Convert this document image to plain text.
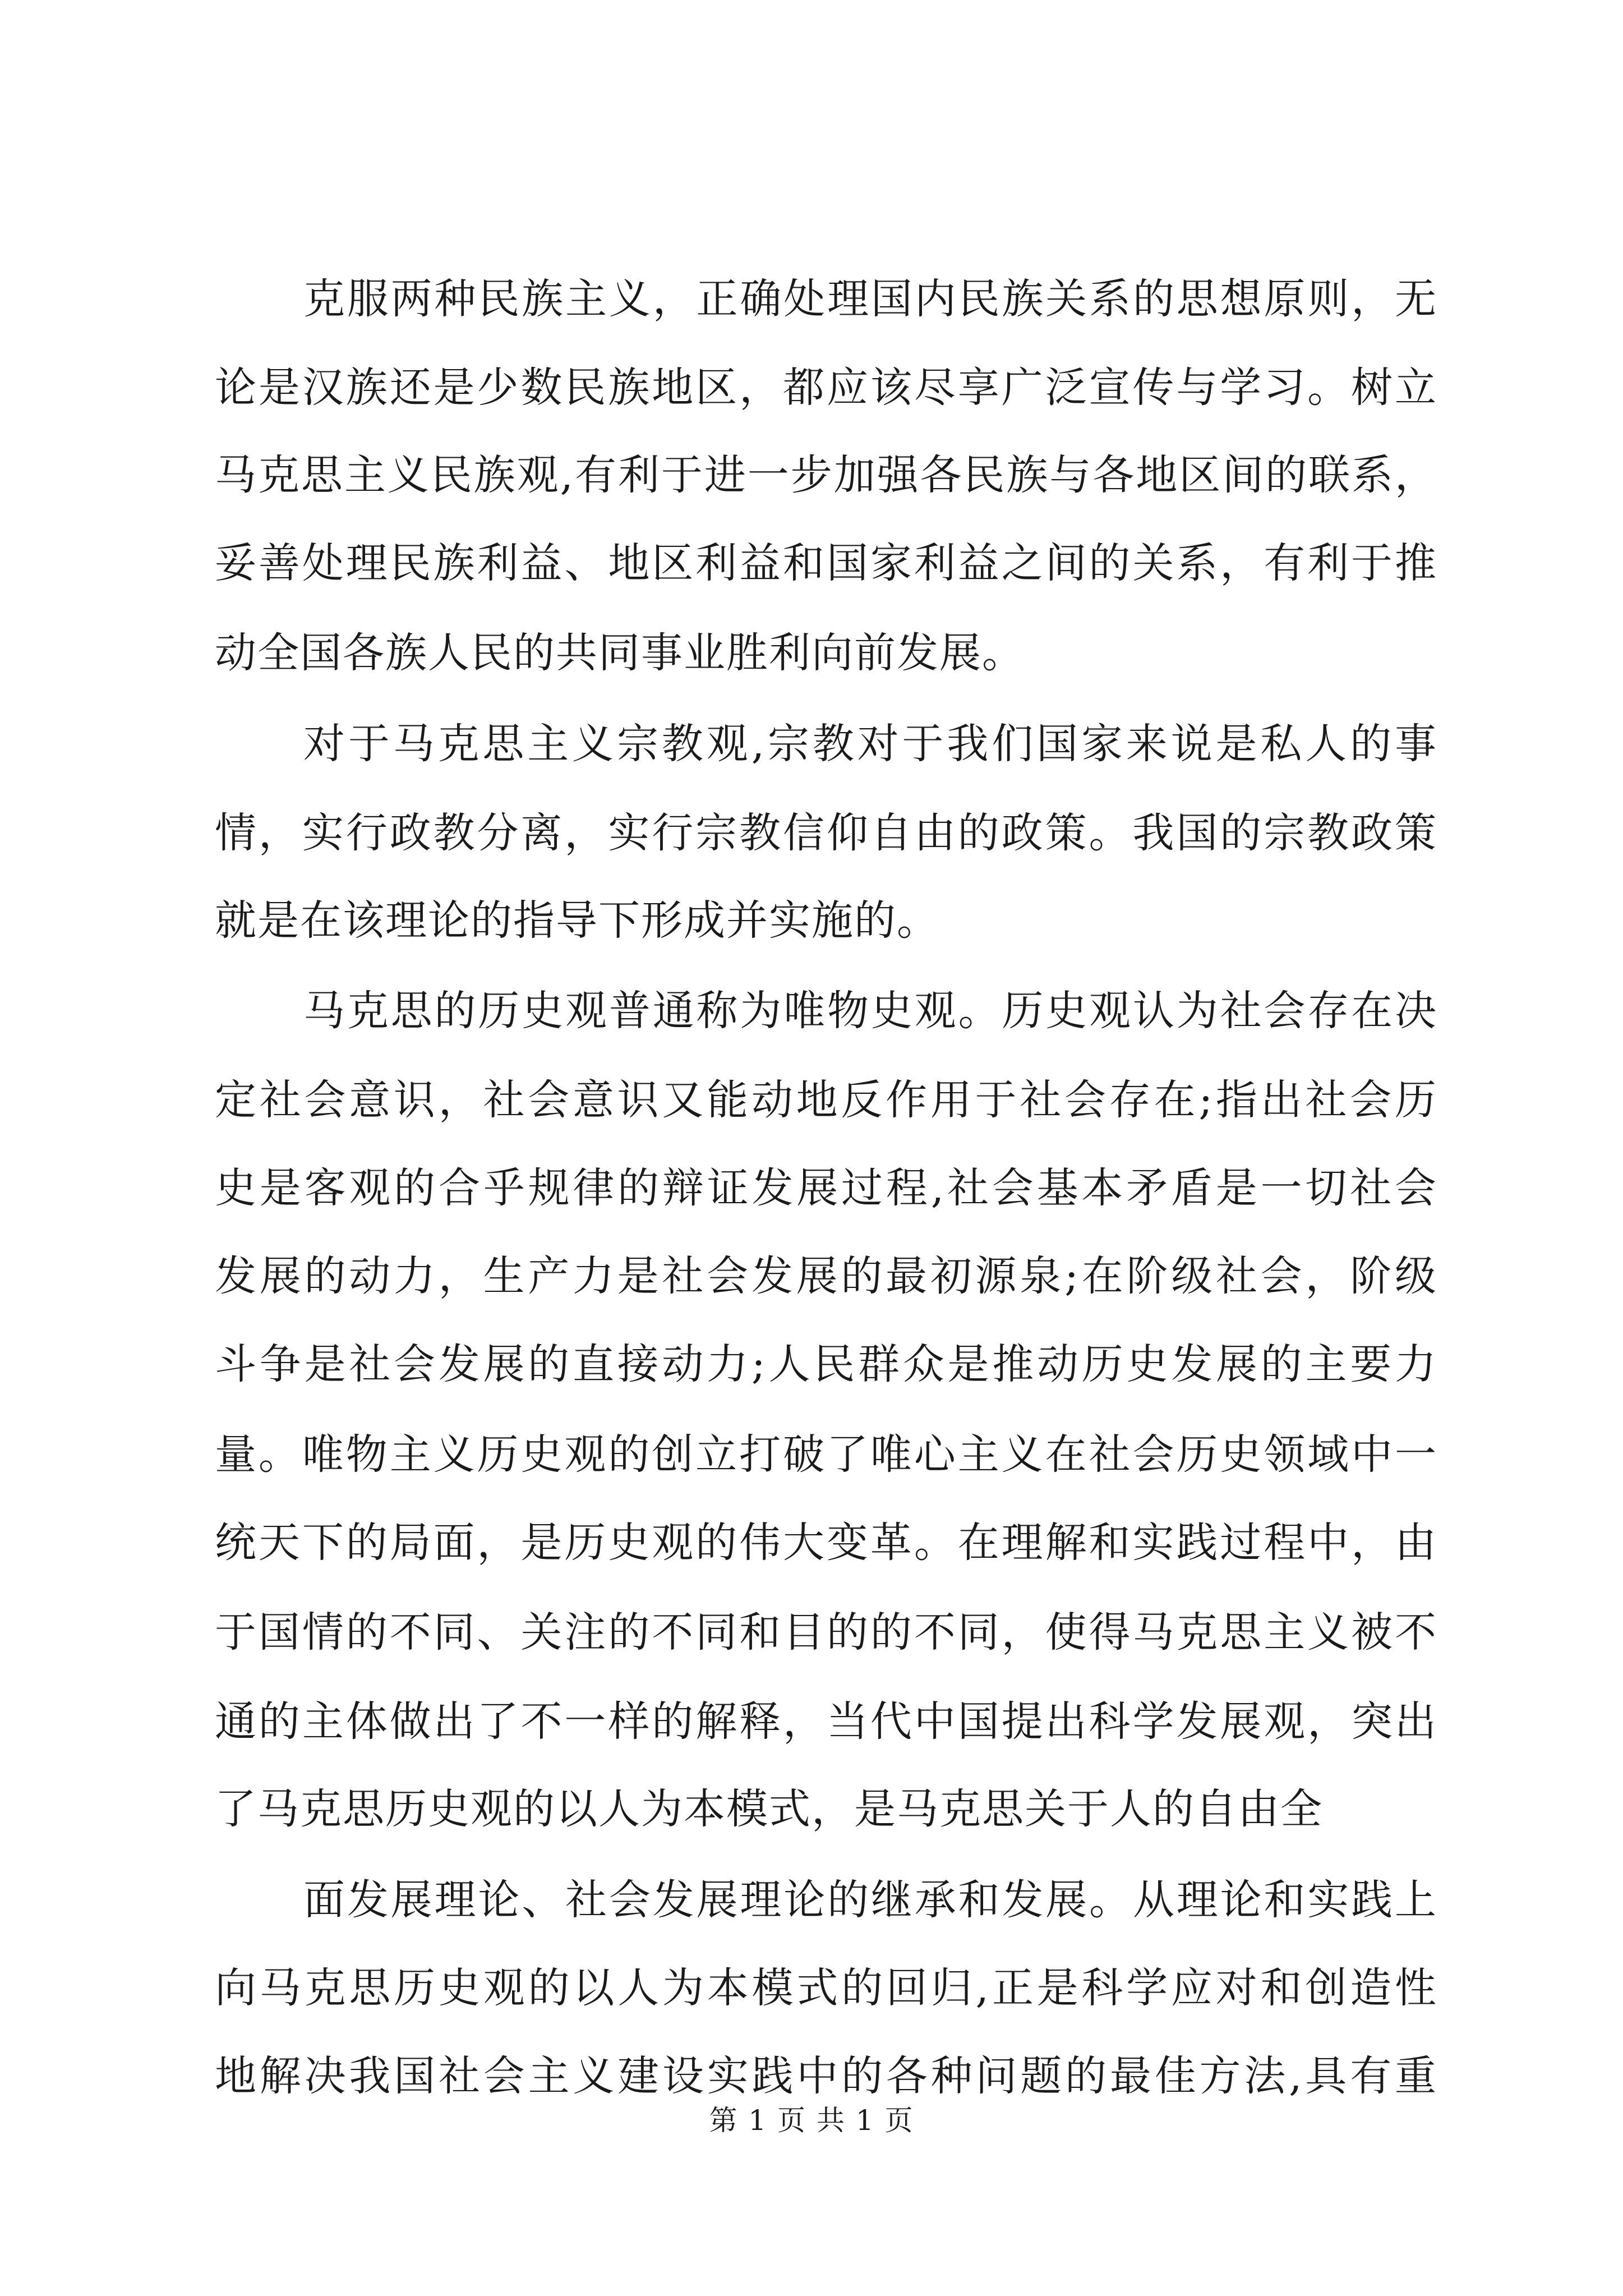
克服两种民族主义，正确处理国内民族关系的思想原则，无
论是汉族还是少数民族地区，都应该尽享广泛宣传与学习。树立
马克思主义民族观,有利于进一步加强各民族与各地区间的联系，
妥善处理民族利益、地区利益和国家利益之间的关系，有利于推
动全国各族人民的共同事业胜利向前发展。
对于马克思主义宗教观,宗教对于我们国家来说是私人的事
情，实行政教分离，实行宗教信仰自由的政策。我国的宗教政策
就是在该理论的指导下形成并实施的。
马克思的历史观普通称为唯物史观。历史观认为社会存在决
定社会意识，社会意识又能动地反作用于社会存在;指出社会历
史是客观的合乎规律的辩证发展过程,社会基本矛盾是一切社会
发展的动力，生产力是社会发展的最初源泉;在阶级社会，阶级
斗争是社会发展的直接动力;人民群众是推动历史发展的主要力
量。唯物主义历史观的创立打破了唯心主义在社会历史领域中一
统天下的局面，是历史观的伟大变革。在理解和实践过程中，由
于国情的不同、关注的不同和目的的不同，使得马克思主义被不
通的主体做出了不一样的解释，当代中国提出科学发展观，突出
了马克思历史观的以人为本模式，是马克思关于人的自由全
面发展理论、社会发展理论的继承和发展。从理论和实践上
向马克思历史观的以人为本模式的回归,正是科学应对和创造性
地解决我国社会主义建设实践中的各种问题的最佳方法,具有重
第 1 页 共 1 页
